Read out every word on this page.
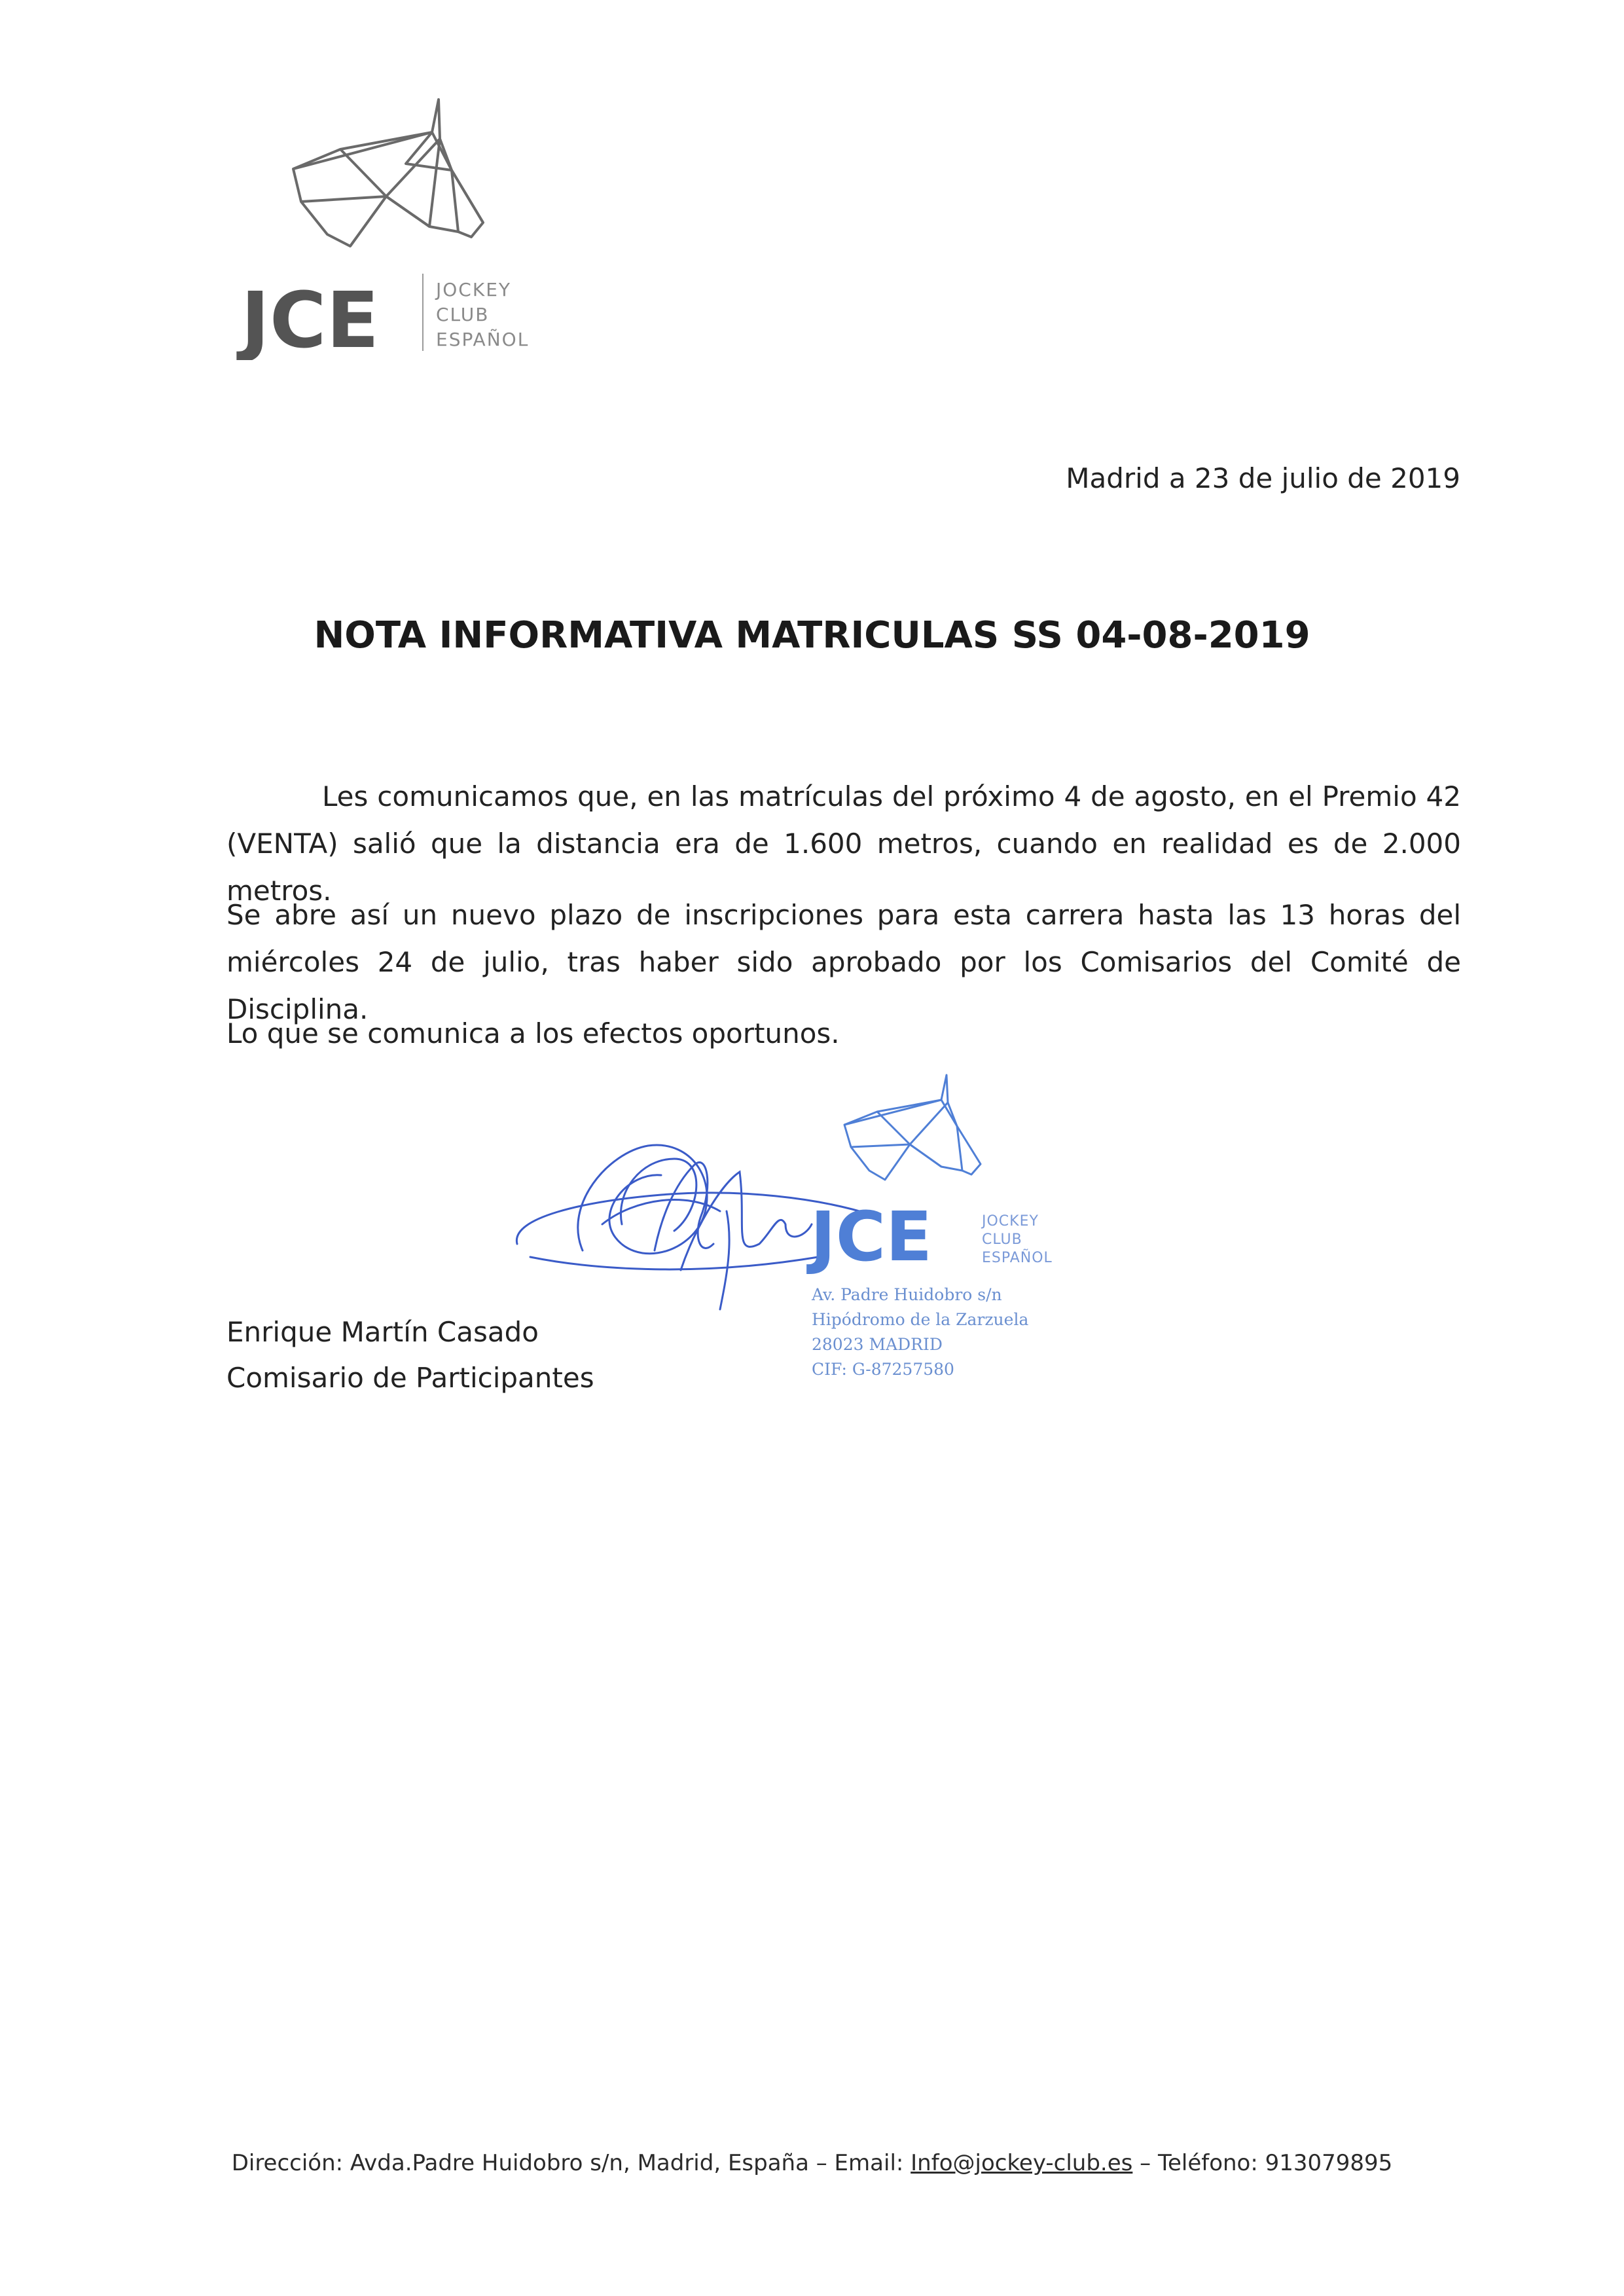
JCE	JOCKEY
CLUB
ESPAÑOL
Madrid a 23 de julio de 2019
NOTA INFORMATIVA MATRICULAS SS 04-08-2019
Les comunicamos que, en las matrículas del próximo 4 de agosto, en el Premio 42 (VENTA) salió que la distancia era de 1.600 metros, cuando en realidad es de 2.000 metros.
Se abre así un nuevo plazo de inscripciones para esta carrera hasta las 13 horas del miércoles 24 de julio, tras haber sido aprobado por los Comisarios del Comité de Disciplina.
Lo que se comunica a los efectos oportunos.
JCE	JOCKEY
CLUB
ESPAÑOL
Av. Padre Huidobro s/n
Hipódromo de la Zarzuela
28023 MADRID
CIF: G-87257580
Enrique Martín Casado
Comisario de Participantes
Dirección: Avda.Padre Huidobro s/n, Madrid, España – Email: Info@jockey-club.es – Teléfono: 913079895
